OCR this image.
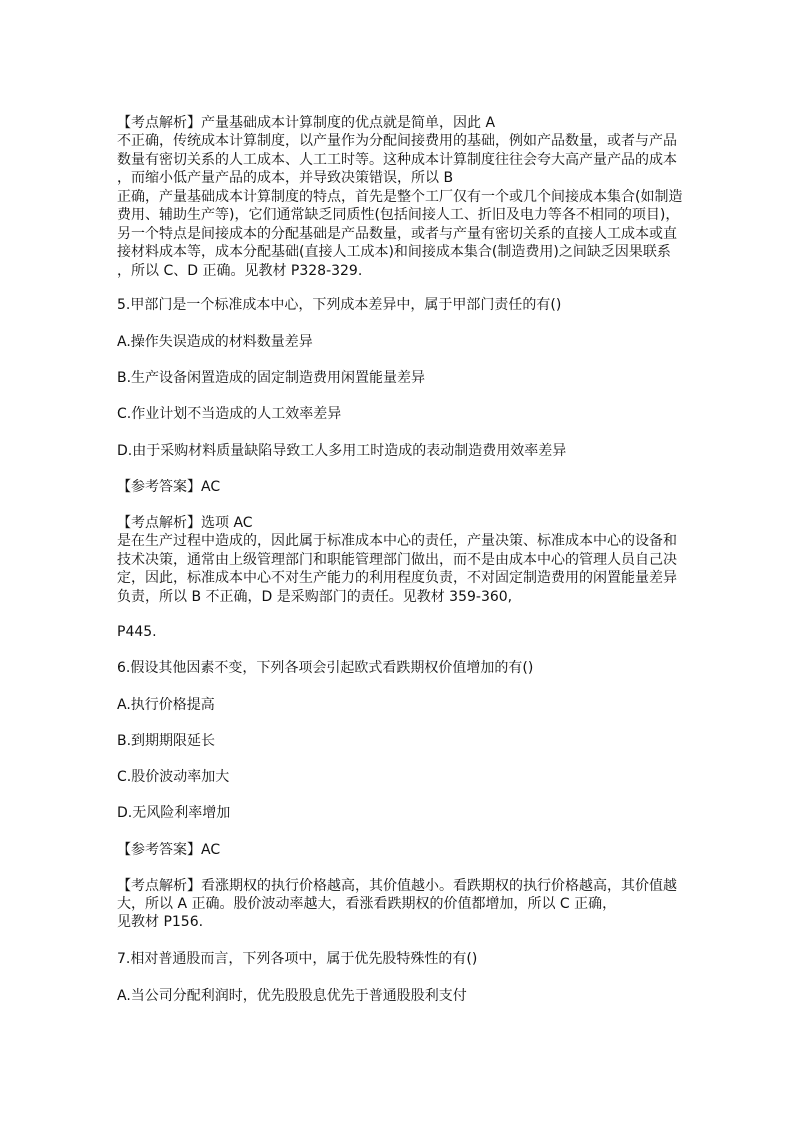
【考点解析】产量基础成本计算制度的优点就是简单，因此 A
不正确，传统成本计算制度，以产量作为分配间接费用的基础，例如产品数量，或者与产品
数量有密切关系的人工成本、人工工时等。这种成本计算制度往往会夸大高产量产品的成本
，而缩小低产量产品的成本，并导致决策错误，所以 B
正确，产量基础成本计算制度的特点，首先是整个工厂仅有一个或几个间接成本集合(如制造
费用、辅助生产等)，它们通常缺乏同质性(包括间接人工、折旧及电力等各不相同的项目)，
另一个特点是间接成本的分配基础是产品数量，或者与产量有密切关系的直接人工成本或直
接材料成本等，成本分配基础(直接人工成本)和间接成本集合(制造费用)之间缺乏因果联系
，所以 C、D 正确。见教材 P328-329.
5.甲部门是一个标准成本中心，下列成本差异中，属于甲部门责任的有()
A.操作失误造成的材料数量差异
B.生产设备闲置造成的固定制造费用闲置能量差异
C.作业计划不当造成的人工效率差异
D.由于采购材料质量缺陷导致工人多用工时造成的表动制造费用效率差异
【参考答案】AC
【考点解析】选项 AC
是在生产过程中造成的，因此属于标准成本中心的责任，产量决策、标准成本中心的设备和
技术决策，通常由上级管理部门和职能管理部门做出，而不是由成本中心的管理人员自己决
定，因此，标准成本中心不对生产能力的利用程度负责，不对固定制造费用的闲置能量差异
负责，所以 B 不正确，D 是采购部门的责任。见教材 359-360,
P445.
6.假设其他因素不变，下列各项会引起欧式看跌期权价值增加的有()
A.执行价格提高
B.到期期限延长
C.股价波动率加大
D.无风险利率增加
【参考答案】AC
【考点解析】看涨期权的执行价格越高，其价值越小。看跌期权的执行价格越高，其价值越
大，所以 A 正确。股价波动率越大，看涨看跌期权的价值都增加，所以 C 正确，
见教材 P156.
7.相对普通股而言，下列各项中，属于优先股特殊性的有()
A.当公司分配利润时，优先股股息优先于普通股股利支付
